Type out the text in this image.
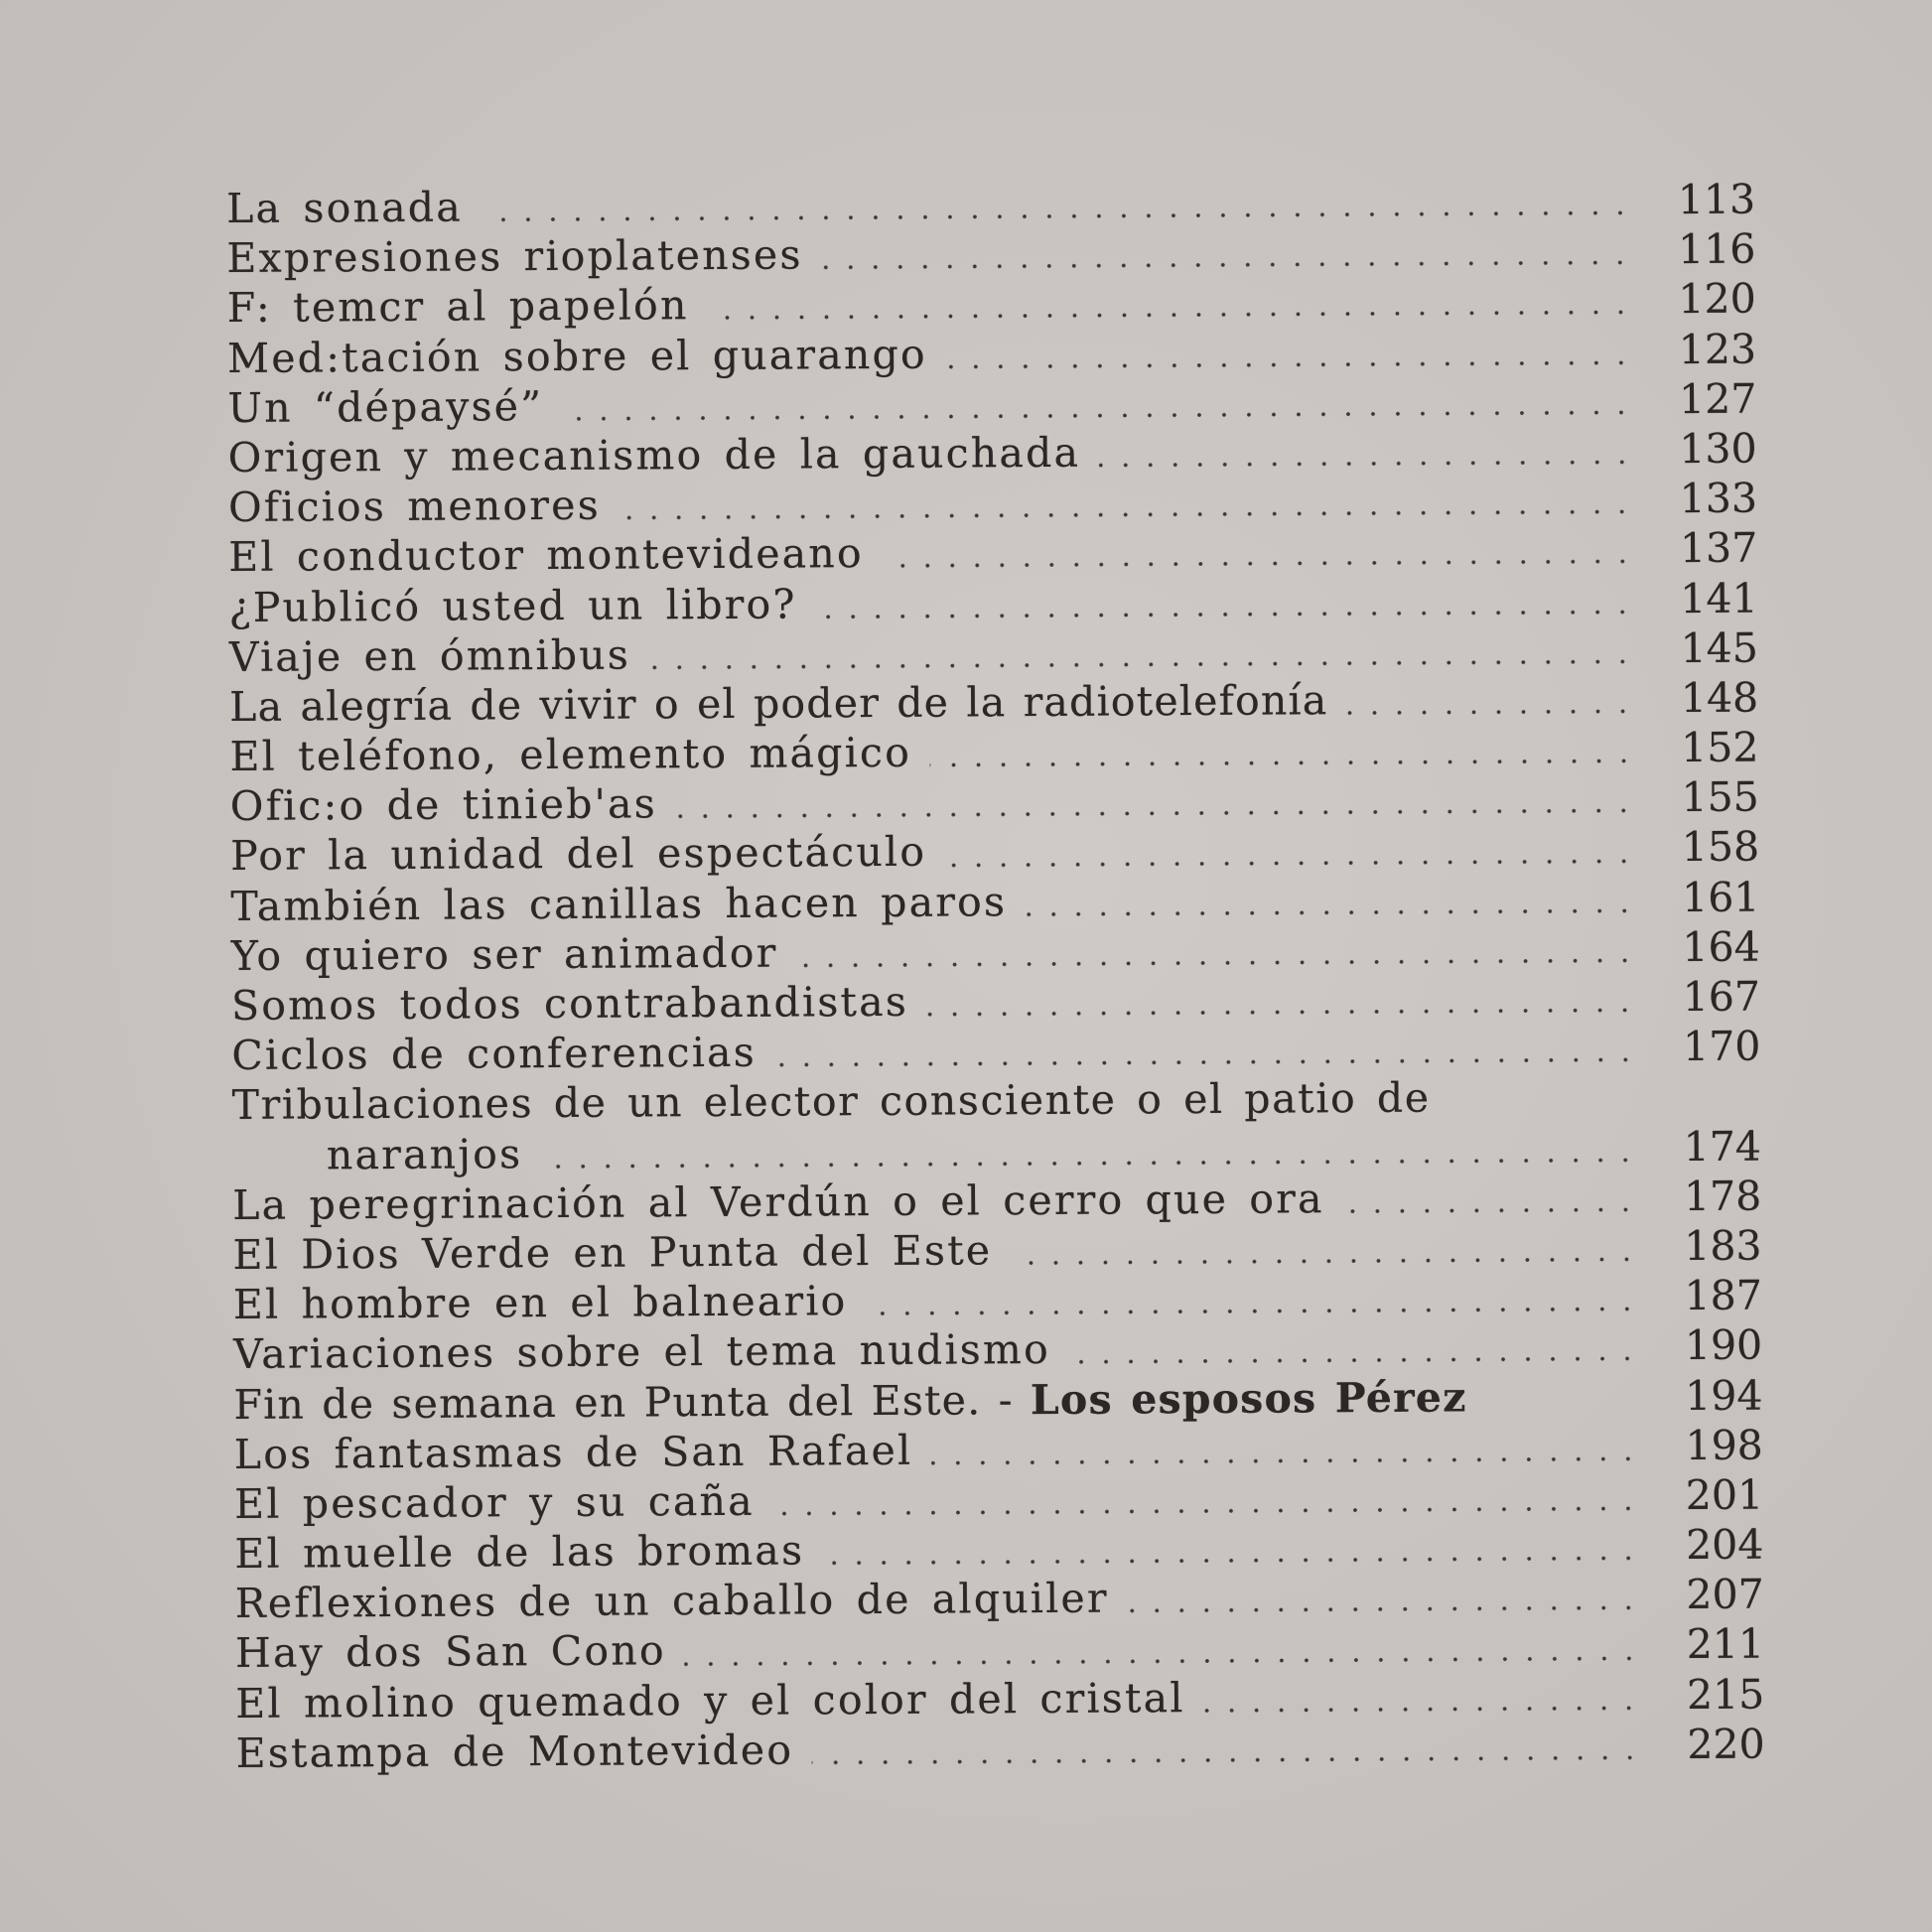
La sonada	113
Expresiones rioplatenses	116
F: temcr al papelón	120
Med:tación sobre el guarango	123
Un “dépaysé”	127
Origen y mecanismo de la gauchada	130
Oficios menores	133
El conductor montevideano	137
¿Publicó usted un libro?	141
Viaje en ómnibus	145
La alegría de vivir o el poder de la radiotelefonía	148
El teléfono, elemento mágico	152
Ofic:o de tinieb'as	155
Por la unidad del espectáculo	158
También las canillas hacen paros	161
Yo quiero ser animador	164
Somos todos contrabandistas	167
Ciclos de conferencias	170
Tribulaciones de un elector consciente o el patio de
naranjos	174
La peregrinación al Verdún o el cerro que ora	178
El Dios Verde en Punta del Este	183
El hombre en el balneario	187
Variaciones sobre el tema nudismo	190
Fin de semana en Punta del Este. - Los esposos Pérez	194
Los fantasmas de San Rafael	198
El pescador y su caña	201
El muelle de las bromas	204
Reflexiones de un caballo de alquiler	207
Hay dos San Cono	211
El molino quemado y el color del cristal	215
Estampa de Montevideo	220
